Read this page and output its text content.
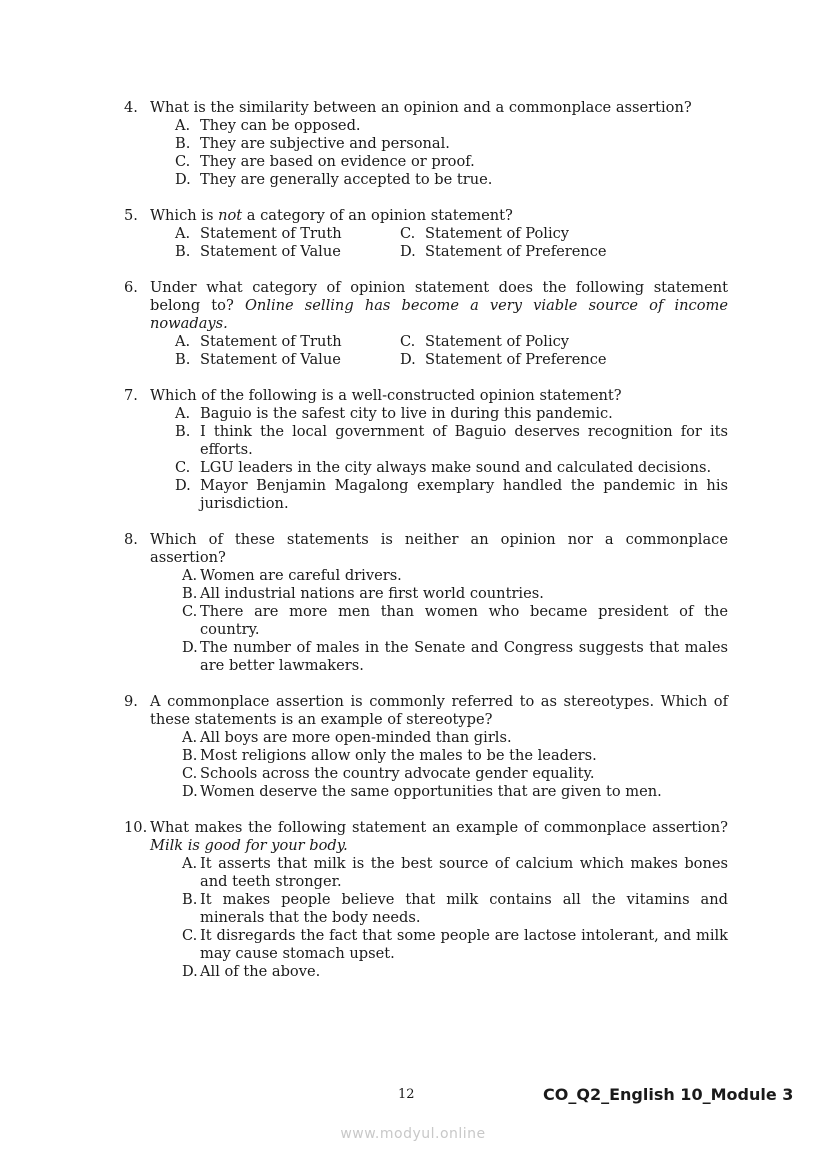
4. What is the similarity between an opinion and a commonplace assertion?
A. They can be opposed.
B. They are subjective and personal.
C. They are based on evidence or proof.
D. They are generally accepted to be true.
5. Which is not a category of an opinion statement?
A. Statement of Truth	C. Statement of Policy
B. Statement of Value	D. Statement of Preference
6. Under what category of opinion statement does the following statement belong to? Online selling has become a very viable source of income nowadays.
A. Statement of Truth	C. Statement of Policy
B. Statement of Value	D. Statement of Preference
7. Which of the following is a well-constructed opinion statement?
A. Baguio is the safest city to live in during this pandemic.
B. I think the local government of Baguio deserves recognition for its efforts.
C. LGU leaders in the city always make sound and calculated decisions.
D. Mayor Benjamin Magalong exemplary handled the pandemic in his jurisdiction.
8. Which of these statements is neither an opinion nor a commonplace assertion?
A. Women are careful drivers.
B. All industrial nations are first world countries.
C. There are more men than women who became president of the country.
D. The number of males in the Senate and Congress suggests that males are better lawmakers.
9. A commonplace assertion is commonly referred to as stereotypes. Which of these statements is an example of stereotype?
A. All boys are more open-minded than girls.
B. Most religions allow only the males to be the leaders.
C. Schools across the country advocate gender equality.
D. Women deserve the same opportunities that are given to men.
10. What makes the following statement an example of commonplace assertion? Milk is good for your body.
A. It asserts that milk is the best source of calcium which makes bones and teeth stronger.
B. It makes people believe that milk contains all the vitamins and minerals that the body needs.
C. It disregards the fact that some people are lactose intolerant, and milk may cause stomach upset.
D. All of the above.
12	CO_Q2_English 10_Module 3
www.modyul.online
